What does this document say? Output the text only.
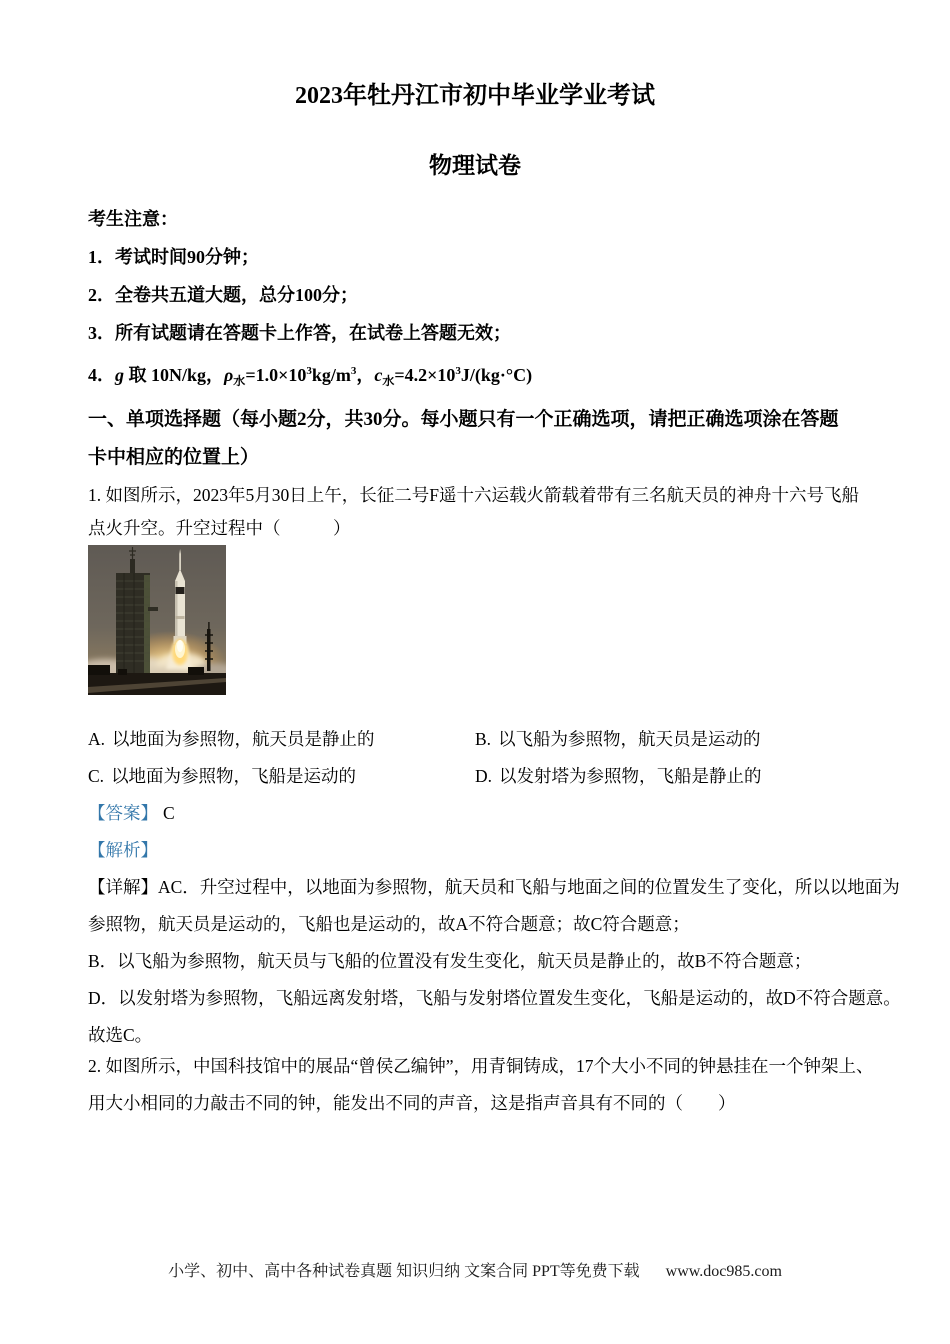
2023年牡丹江市初中毕业学业考试
物理试卷
考生注意：
1．考试时间90分钟；
2．全卷共五道大题，总分100分；
3．所有试题请在答题卡上作答，在试卷上答题无效；
4．g 取 10N/kg，$\rho_水=1.0\times 10^3kg/m^3$，$c_水=4.2\times 10^3J/(kg\cdot^\circ C)$
一、单项选择题（每小题2分，共30分。每小题只有一个正确选项，请把正确选项涂在答题
卡中相应的位置上）
1. 如图所示，2023年5月30日上午，长征二号F遥十六运载火箭载着带有三名航天员的神舟十六号飞船
点火升空。升空过程中（　　　）
A. 以地面为参照物，航天员是静止的	B. 以飞船为参照物，航天员是运动的
C. 以地面为参照物，飞船是运动的	D. 以发射塔为参照物，飞船是静止的
【答案】 C
【解析】
【详解】AC．升空过程中，以地面为参照物，航天员和飞船与地面之间的位置发生了变化，所以以地面为
参照物，航天员是运动的，飞船也是运动的，故A不符合题意；故C符合题意；
B．以飞船为参照物，航天员与飞船的位置没有发生变化，航天员是静止的，故B不符合题意；
D．以发射塔为参照物，飞船远离发射塔，飞船与发射塔位置发生变化，飞船是运动的，故D不符合题意。
故选C。
2. 如图所示，中国科技馆中的展品“曾侯乙编钟”，用青铜铸成，17个大小不同的钟悬挂在一个钟架上、
用大小相同的力敲击不同的钟，能发出不同的声音，这是指声音具有不同的（　　）
小学、初中、高中各种试卷真题 知识归纳 文案合同 PPT等免费下载 www.doc985.com
